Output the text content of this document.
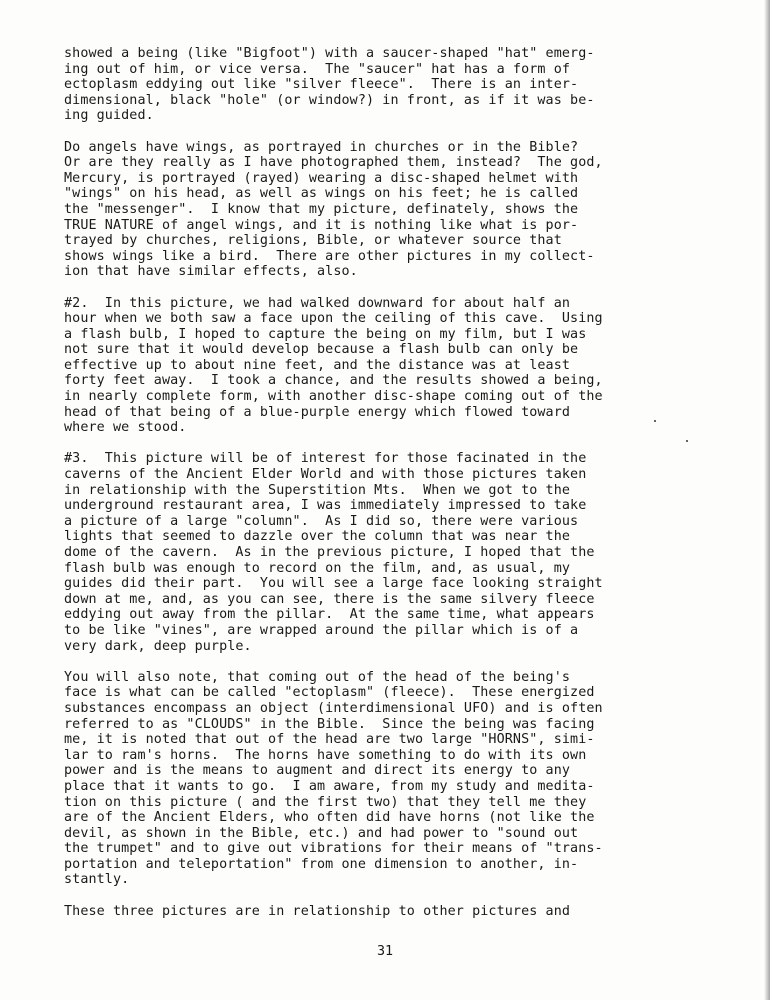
showed a being (like "Bigfoot") with a saucer-shaped "hat" emerg-
ing out of him, or vice versa.  The "saucer" hat has a form of
ectoplasm eddying out like "silver fleece".  There is an inter-
dimensional, black "hole" (or window?) in front, as if it was be-
ing guided.
Do angels have wings, as portrayed in churches or in the Bible?
Or are they really as I have photographed them, instead?  The god,
Mercury, is portrayed (rayed) wearing a disc-shaped helmet with
"wings" on his head, as well as wings on his feet; he is called
the "messenger".  I know that my picture, definately, shows the
TRUE NATURE of angel wings, and it is nothing like what is por-
trayed by churches, religions, Bible, or whatever source that
shows wings like a bird.  There are other pictures in my collect-
ion that have similar effects, also.
#2.  In this picture, we had walked downward for about half an
hour when we both saw a face upon the ceiling of this cave.  Using
a flash bulb, I hoped to capture the being on my film, but I was
not sure that it would develop because a flash bulb can only be
effective up to about nine feet, and the distance was at least
forty feet away.  I took a chance, and the results showed a being,
in nearly complete form, with another disc-shape coming out of the
head of that being of a blue-purple energy which flowed toward
where we stood.
#3.  This picture will be of interest for those facinated in the
caverns of the Ancient Elder World and with those pictures taken
in relationship with the Superstition Mts.  When we got to the
underground restaurant area, I was immediately impressed to take
a picture of a large "column".  As I did so, there were various
lights that seemed to dazzle over the column that was near the
dome of the cavern.  As in the previous picture, I hoped that the
flash bulb was enough to record on the film, and, as usual, my
guides did their part.  You will see a large face looking straight
down at me, and, as you can see, there is the same silvery fleece
eddying out away from the pillar.  At the same time, what appears
to be like "vines", are wrapped around the pillar which is of a
very dark, deep purple.
You will also note, that coming out of the head of the being's
face is what can be called "ectoplasm" (fleece).  These energized
substances encompass an object (interdimensional UFO) and is often
referred to as "CLOUDS" in the Bible.  Since the being was facing
me, it is noted that out of the head are two large "HORNS", simi-
lar to ram's horns.  The horns have something to do with its own
power and is the means to augment and direct its energy to any
place that it wants to go.  I am aware, from my study and medita-
tion on this picture ( and the first two) that they tell me they
are of the Ancient Elders, who often did have horns (not like the
devil, as shown in the Bible, etc.) and had power to "sound out
the trumpet" and to give out vibrations for their means of "trans-
portation and teleportation" from one dimension to another, in-
stantly.
These three pictures are in relationship to other pictures and
31
